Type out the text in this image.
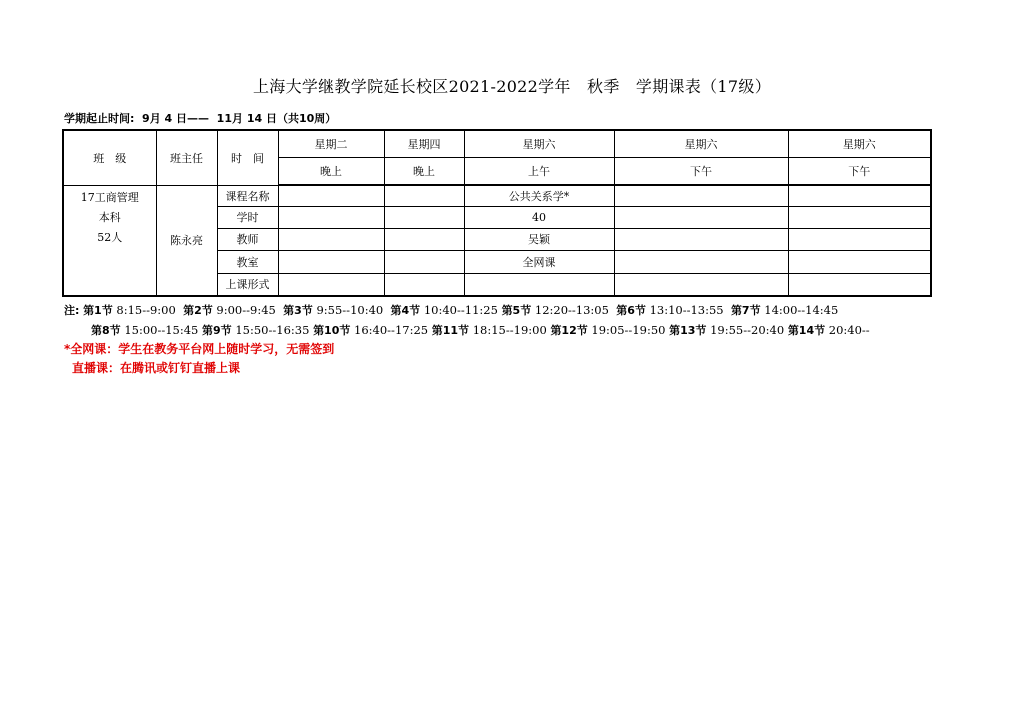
上海大学继教学院延长校区2021-2022学年　秋季　学期课表（17级）
学期起止时间:  9月 4 日——  11月 14 日（共10周）
班　级	班主任	时　间	星期二	星期四	星期六	星期六	星期六
			晚上	晚上	上午	下午	下午

17工商管理
本科
52人	陈永亮	课程名称			公共关系学*		
		学时			40		
		教师			吴颖		
		教室			全网课		
		上课形式					
注: 第1节 8:15--9:00 第2节 9:00--9:45 第3节 9:55--10:40 第4节 10:40--11:25 第5节 12:20--13:05 第6节 13:10--13:55 第7节 14:00--14:45
第8节 15:00--15:45 第9节 15:50--16:35 第10节 16:40--17:25 第11节 18:15--19:00 第12节 19:05--19:50 第13节 19:55--20:40 第14节 20:40--
*全网课：学生在教务平台网上随时学习，无需签到
直播课：在腾讯或钉钉直播上课
